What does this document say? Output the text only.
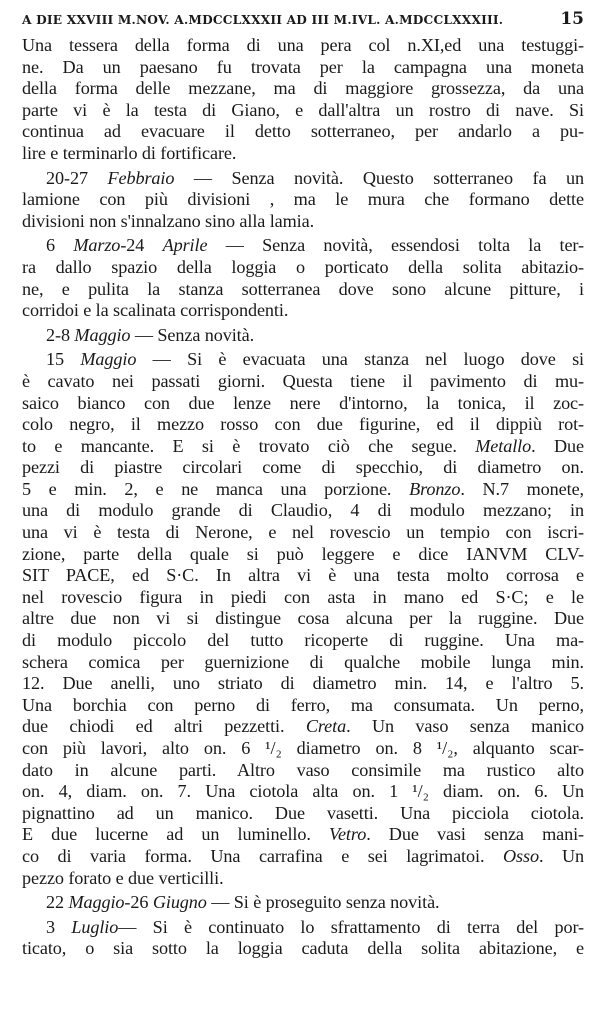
A DIE XXVIII M.NOV. A.MDCCLXXXII AD III M.IVL. A.MDCCLXXXIII.	15
Una tessera della forma di una pera col n.XI,ed una testuggi-
ne. Da un paesano fu trovata per la campagna una moneta
della forma delle mezzane, ma di maggiore grossezza, da una
parte vi è la testa di Giano, e dall'altra un rostro di nave. Si
continua ad evacuare il detto sotterraneo, per andarlo a pu-
lire e terminarlo di fortificare.
20-27 Febbraio — Senza novità. Questo sotterraneo fa un
lamione con più divisioni , ma le mura che formano dette
divisioni non s'innalzano sino alla lamia.
6 Marzo-24 Aprile — Senza novità, essendosi tolta la ter-
ra dallo spazio della loggia o porticato della solita abitazio-
ne, e pulita la stanza sotterranea dove sono alcune pitture, i
corridoi e la scalinata corrispondenti.
2-8 Maggio — Senza novità.
15 Maggio — Si è evacuata una stanza nel luogo dove si
è cavato nei passati giorni. Questa tiene il pavimento di mu-
saico bianco con due lenze nere d'intorno, la tonica, il zoc-
colo negro, il mezzo rosso con due figurine, ed il dippiù rot-
to e mancante. E si è trovato ciò che segue. Metallo. Due
pezzi di piastre circolari come di specchio, di diametro on.
5 e min. 2, e ne manca una porzione. Bronzo. N.7 monete,
una di modulo grande di Claudio, 4 di modulo mezzano; in
una vi è testa di Nerone, e nel rovescio un tempio con iscri-
zione, parte della quale si può leggere e dice IANVM CLV-
SIT PACE, ed S·C. In altra vi è una testa molto corrosa e
nel rovescio figura in piedi con asta in mano ed S·C; e le
altre due non vi si distingue cosa alcuna per la ruggine. Due
di modulo piccolo del tutto ricoperte di ruggine. Una ma-
schera comica per guernizione di qualche mobile lunga min.
12. Due anelli, uno striato di diametro min. 14, e l'altro 5.
Una borchia con perno di ferro, ma consumata. Un perno,
due chiodi ed altri pezzetti. Creta. Un vaso senza manico
con più lavori, alto on. 6 ¹/₂ diametro on. 8 ¹/₂, alquanto scar-
dato in alcune parti. Altro vaso consimile ma rustico alto
on. 4, diam. on. 7. Una ciotola alta on. 1 ¹/₂ diam. on. 6. Un
pignattino ad un manico. Due vasetti. Una picciola ciotola.
E due lucerne ad un luminello. Vetro. Due vasi senza mani-
co di varia forma. Una carrafina e sei lagrimatoi. Osso. Un
pezzo forato e due verticilli.
22 Maggio-26 Giugno — Si è proseguito senza novità.
3 Luglio— Si è continuato lo sfrattamento di terra del por-
ticato, o sia sotto la loggia caduta della solita abitazione, e
